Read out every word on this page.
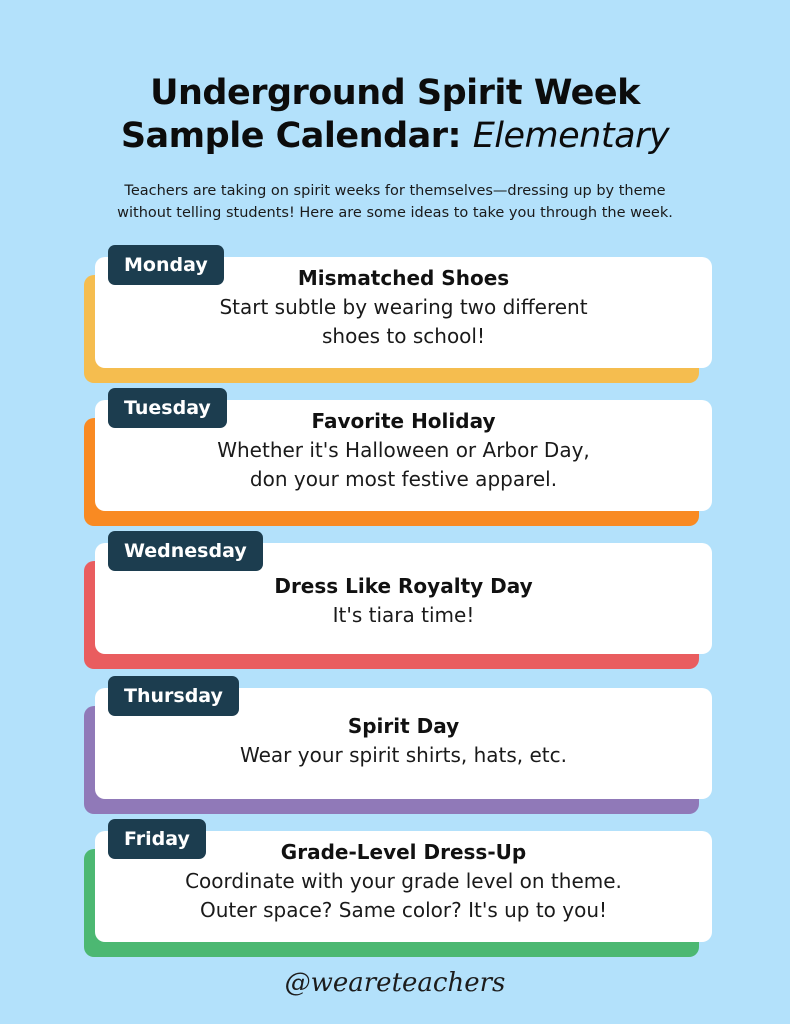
Underground Spirit Week
Sample Calendar: Elementary
Teachers are taking on spirit weeks for themselves—dressing up by theme
without telling students! Here are some ideas to take you through the week.
Monday
Mismatched Shoes
Start subtle by wearing two different
shoes to school!
Tuesday
Favorite Holiday
Whether it's Halloween or Arbor Day,
don your most festive apparel.
Wednesday
Dress Like Royalty Day
It's tiara time!
Thursday
Spirit Day
Wear your spirit shirts, hats, etc.
Friday
Grade-Level Dress-Up
Coordinate with your grade level on theme.
Outer space? Same color? It's up to you!
@weareteachers
